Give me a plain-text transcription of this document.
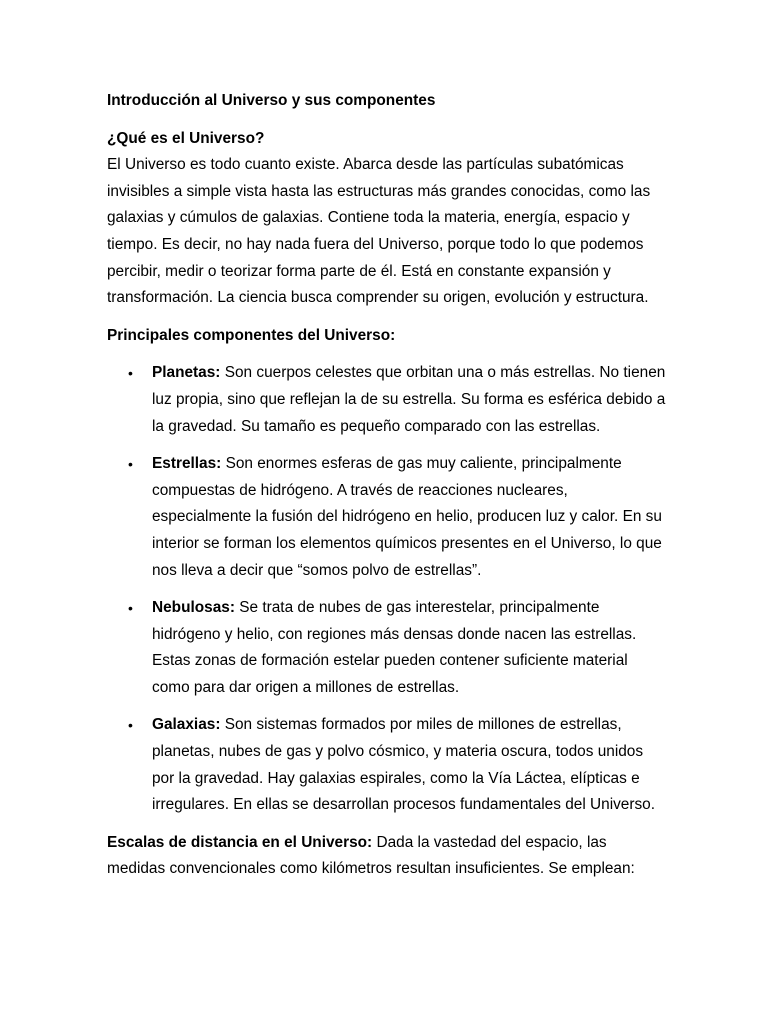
Introducción al Universo y sus componentes

¿Qué es el Universo?

El Universo es todo cuanto existe. Abarca desde las partículas subatómicas invisibles a simple vista hasta las estructuras más grandes conocidas, como las galaxias y cúmulos de galaxias. Contiene toda la materia, energía, espacio y tiempo. Es decir, no hay nada fuera del Universo, porque todo lo que podemos percibir, medir o teorizar forma parte de él. Está en constante expansión y transformación. La ciencia busca comprender su origen, evolución y estructura.

Principales componentes del Universo:

• Planetas: Son cuerpos celestes que orbitan una o más estrellas. No tienen luz propia, sino que reflejan la de su estrella. Su forma es esférica debido a la gravedad. Su tamaño es pequeño comparado con las estrellas.
• Estrellas: Son enormes esferas de gas muy caliente, principalmente compuestas de hidrógeno. A través de reacciones nucleares, especialmente la fusión del hidrógeno en helio, producen luz y calor. En su interior se forman los elementos químicos presentes en el Universo, lo que nos lleva a decir que “somos polvo de estrellas”.
• Nebulosas: Se trata de nubes de gas interestelar, principalmente hidrógeno y helio, con regiones más densas donde nacen las estrellas. Estas zonas de formación estelar pueden contener suficiente material como para dar origen a millones de estrellas.
• Galaxias: Son sistemas formados por miles de millones de estrellas, planetas, nubes de gas y polvo cósmico, y materia oscura, todos unidos por la gravedad. Hay galaxias espirales, como la Vía Láctea, elípticas e irregulares. En ellas se desarrollan procesos fundamentales del Universo.

Escalas de distancia en el Universo: Dada la vastedad del espacio, las medidas convencionales como kilómetros resultan insuficientes. Se emplean:
